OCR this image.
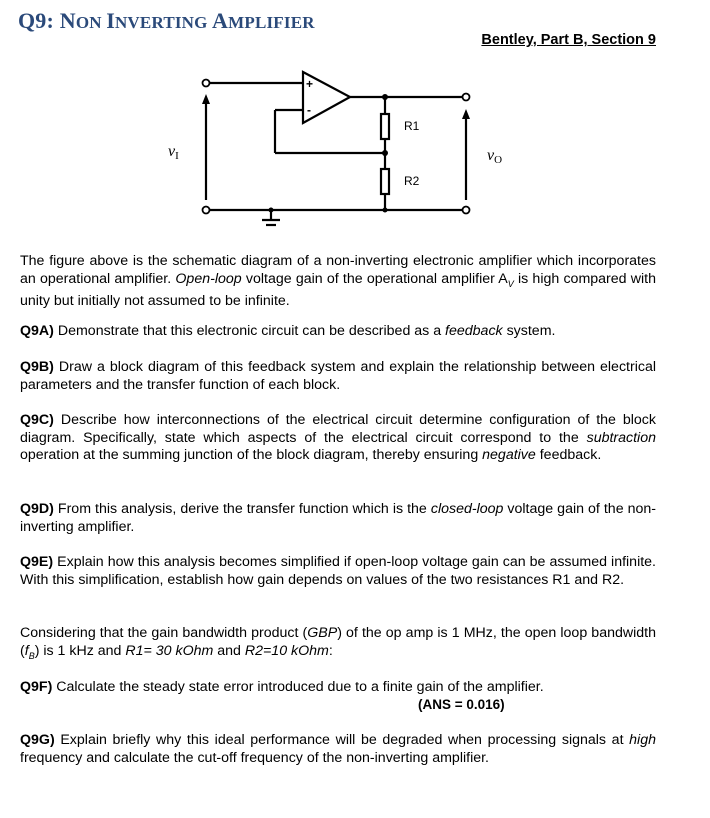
Q9: NON INVERTING AMPLIFIER
Bentley, Part B, Section 9
+
-
R1
R2
vI	vO

The figure above is the schematic diagram of a non-inverting electronic amplifier which incorporates an operational amplifier. Open-loop voltage gain of the operational amplifier $A_V$ is high compared with unity but initially not assumed to be infinite.

Q9A) Demonstrate that this electronic circuit can be described as a feedback system.

Q9B) Draw a block diagram of this feedback system and explain the relationship between electrical parameters and the transfer function of each block.

Q9C) Describe how interconnections of the electrical circuit determine configuration of the block diagram. Specifically, state which aspects of the electrical circuit correspond to the subtraction operation at the summing junction of the block diagram, thereby ensuring negative feedback.

Q9D) From this analysis, derive the transfer function which is the closed-loop voltage gain of the non-inverting amplifier.

Q9E) Explain how this analysis becomes simplified if open-loop voltage gain can be assumed infinite. With this simplification, establish how gain depends on values of the two resistances R1 and R2.

Considering that the gain bandwidth product (GBP) of the op amp is 1 MHz, the open loop bandwidth $(f_B)$ is 1 kHz and R1= 30 kOhm and R2=10 kOhm:

Q9F) Calculate the steady state error introduced due to a finite gain of the amplifier.

(ANS = 0.016)

Q9G) Explain briefly why this ideal performance will be degraded when processing signals at high frequency and calculate the cut-off frequency of the non-inverting amplifier.
